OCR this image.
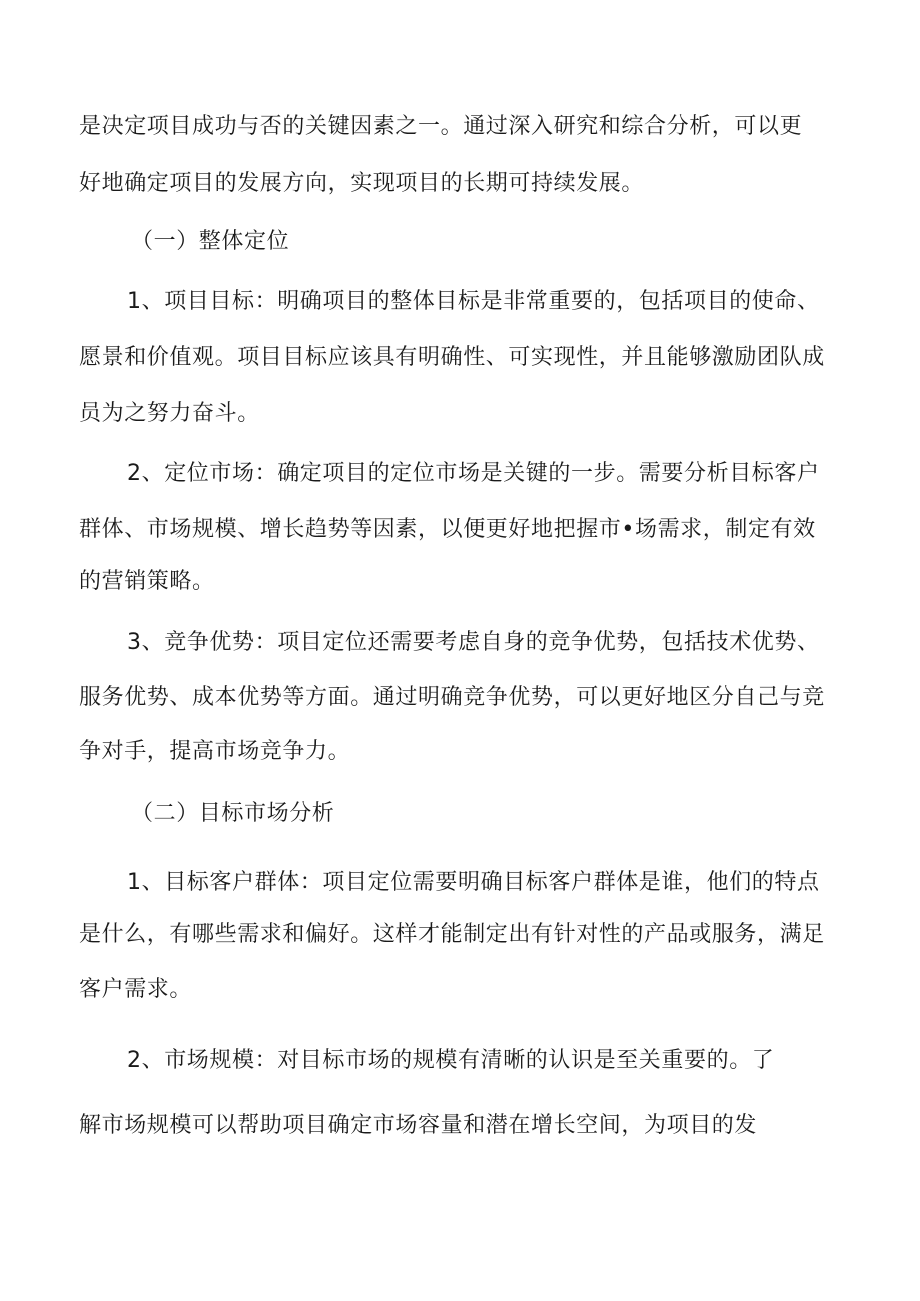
是决定项目成功与否的关键因素之一。通过深入研究和综合分析，可以更
好地确定项目的发展方向，实现项目的长期可持续发展。
（一）整体定位
1、项目目标：明确项目的整体目标是非常重要的，包括项目的使命、
愿景和价值观。项目目标应该具有明确性、可实现性，并且能够激励团队成
员为之努力奋斗。
2、定位市场：确定项目的定位市场是关键的一步。需要分析目标客户
群体、市场规模、增长趋势等因素，以便更好地把握市•场需求，制定有效
的营销策略。
3、竞争优势：项目定位还需要考虑自身的竞争优势，包括技术优势、
服务优势、成本优势等方面。通过明确竞争优势，可以更好地区分自己与竞
争对手，提高市场竞争力。
（二）目标市场分析
1、目标客户群体：项目定位需要明确目标客户群体是谁，他们的特点
是什么，有哪些需求和偏好。这样才能制定出有针对性的产品或服务，满足
客户需求。
2、市场规模：对目标市场的规模有清晰的认识是至关重要的。了
解市场规模可以帮助项目确定市场容量和潜在增长空间，为项目的发
